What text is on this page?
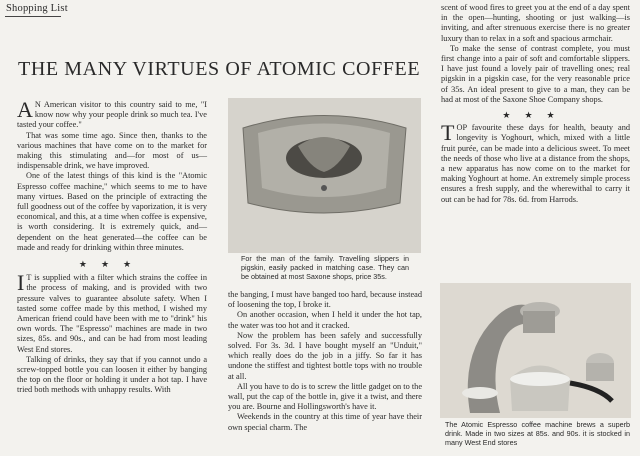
Shopping List
THE MANY VIRTUES OF ATOMIC COFFEE

A N American visitor to this country said to me, "I know now why your people drink so much tea. I've tasted your coffee."

That was some time ago. Since then, thanks to the various machines that have come on to the market for making this stimulating and—for most of us—indispensable drink, we have improved.

One of the latest things of this kind is the "Atomic Espresso coffee machine," which seems to me to have many virtues. Based on the principle of extracting the full goodness out of the coffee by vaporization, it is very economical, and this, at a time when coffee is expensive, is worth considering. It is extremely quick, and—dependent on the heat generated—the coffee can be made and ready for drinking within three minutes.

★★★

I T is supplied with a filter which strains the coffee in the process of making, and is provided with two pressure valves to guarantee absolute safety. When I tasted some coffee made by this method, I wished my American friend could have been with me to "drink" his own words. The "Espresso" machines are made in two sizes, 85s. and 90s., and can be had from most leading West End stores.

Talking of drinks, they say that if you cannot undo a screw-topped bottle you can loosen it either by banging the top on the floor or holding it under a hot tap. I have tried both methods with unhappy results. With

For the man of the family. Travelling slippers in pigskin, easily packed in matching case. They can be obtained at most Saxone shops, price 35s.

the banging, I must have banged too hard, because instead of loosening the top, I broke it.

On another occasion, when I held it under the hot tap, the water was too hot and it cracked.

Now the problem has been safely and successfully solved. For 3s. 3d. I have bought myself an "Unduit," which really does do the job in a jiffy. So far it has undone the stiffest and tightest bottle tops with no trouble at all.

All you have to do is to screw the little gadget on to the wall, put the cap of the bottle in, give it a twist, and there you are. Bourne and Hollingsworth's have it.

Weekends in the country at this time of year have their own special charm. The

scent of wood fires to greet you at the end of a day spent in the open—hunting, shooting or just walking—is inviting, and after strenuous exercise there is no greater luxury than to relax in a soft and spacious armchair.

To make the sense of contrast complete, you must first change into a pair of soft and comfortable slippers. I have just found a lovely pair of travelling ones; real pigskin in a pigskin case, for the very reasonable price of 35s. An ideal present to give to a man, they can be had at most of the Saxone Shoe Company shops.

★★★

TOP favourite these days for health, beauty and longevity is Yoghourt, which, mixed with a little fruit purée, can be made into a delicious sweet. To meet the needs of those who live at a distance from the shops, a new apparatus has now come on to the market for making Yoghourt at home. An extremely simple process ensures a fresh supply, and the wherewithal to carry it out can be had for 78s. 6d. from Harrods.

The Atomic Espresso coffee machine brews a superb drink. Made in two sizes at 85s. and 90s. it is stocked in many West End stores
